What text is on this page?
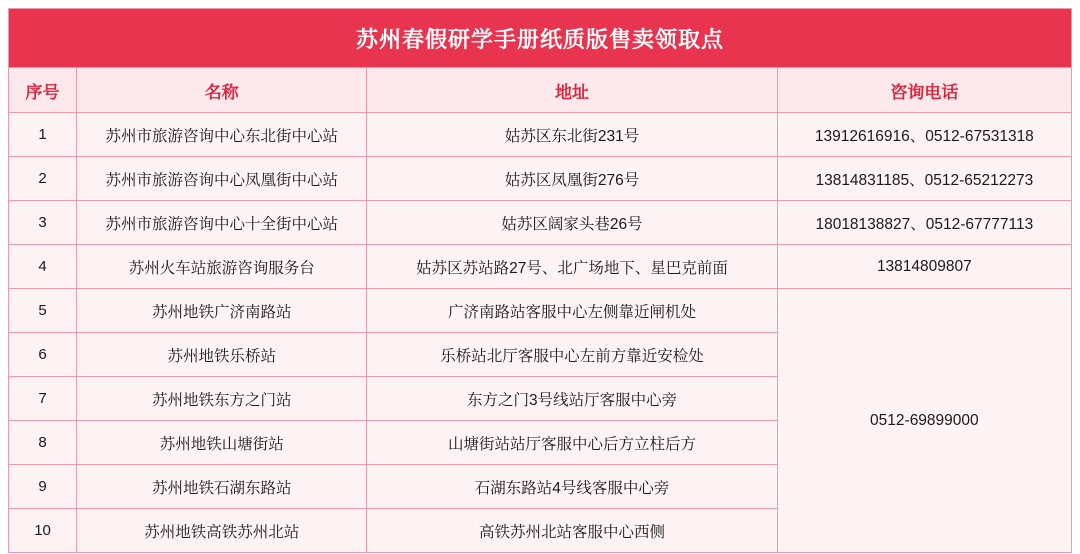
苏州春假研学手册纸质版售卖领取点			
序号	名称	地址	咨询电话
1	苏州市旅游咨询中心东北街中心站	姑苏区东北街231号	13912616916、0512-67531318
2	苏州市旅游咨询中心凤凰街中心站	姑苏区凤凰街276号	13814831185、0512-65212273
3	苏州市旅游咨询中心十全街中心站	姑苏区阔家头巷26号	18018138827、0512-67777113
4	苏州火车站旅游咨询服务台	姑苏区苏站路27号、北广场地下、星巴克前面	13814809807
5	苏州地铁广济南路站	广济南路站客服中心左侧靠近闸机处	0512-69899000
6	苏州地铁乐桥站	乐桥站北厅客服中心左前方靠近安检处	
7	苏州地铁东方之门站	东方之门3号线站厅客服中心旁	
8	苏州地铁山塘街站	山塘街站站厅客服中心后方立柱后方	
9	苏州地铁石湖东路站	石湖东路站4号线客服中心旁	
10	苏州地铁高铁苏州北站	高铁苏州北站客服中心西侧	
